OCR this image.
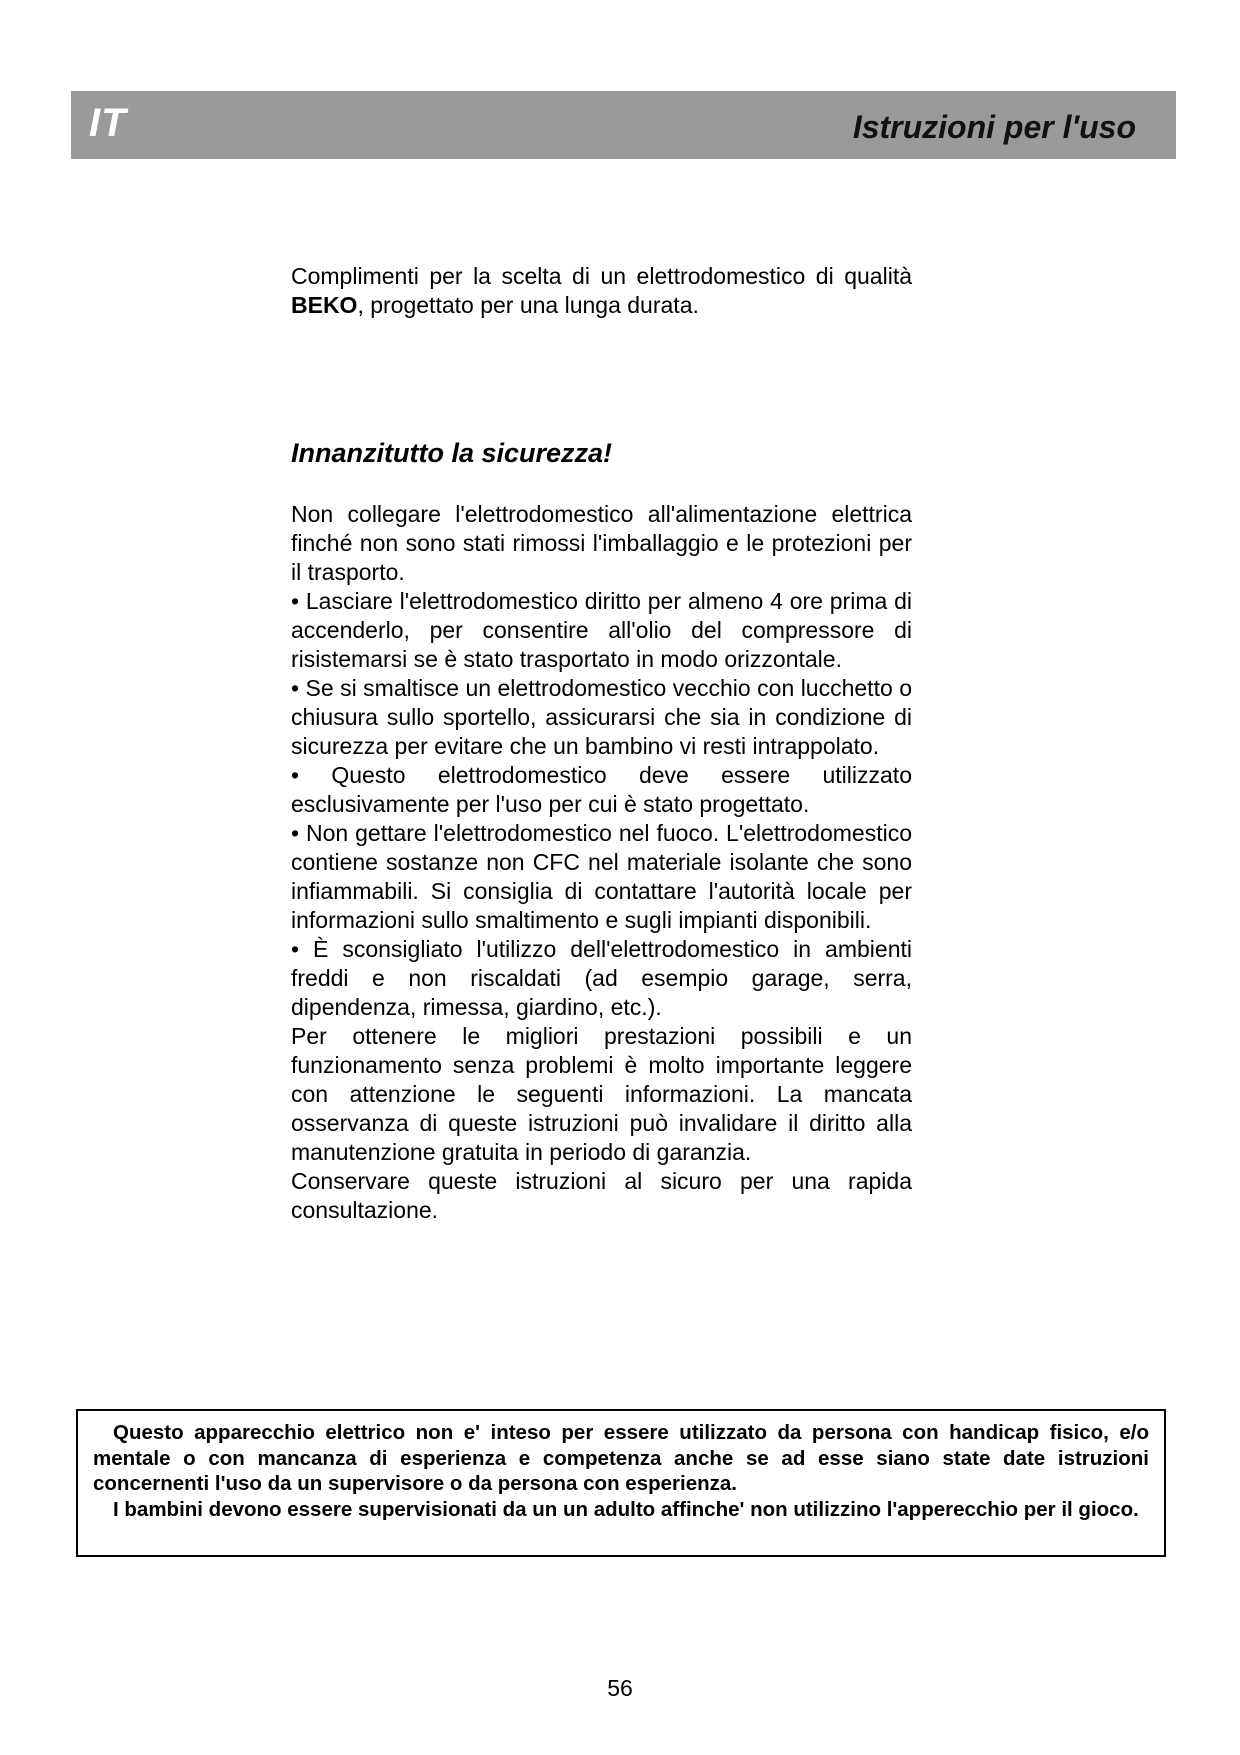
IT	Istruzioni per l'uso
Complimenti per la scelta di un elettrodomestico di qualità BEKO, progettato per una lunga durata.
Innanzitutto la sicurezza!

Non collegare l'elettrodomestico all'alimentazione elettrica finché non sono stati rimossi l'imballaggio e le protezioni per il trasporto.

• Lasciare l'elettrodomestico diritto per almeno 4 ore prima di accenderlo, per consentire all'olio del compressore di risistemarsi se è stato trasportato in modo orizzontale.

• Se si smaltisce un elettrodomestico vecchio con lucchetto o chiusura sullo sportello, assicurarsi che sia in condizione di sicurezza per evitare che un bambino vi resti intrappolato.

• Questo elettrodomestico deve essere utilizzato esclusivamente per l'uso per cui è stato progettato.

• Non gettare l'elettrodomestico nel fuoco. L'elettrodomestico contiene sostanze non CFC nel materiale isolante che sono infiammabili. Si consiglia di contattare l'autorità locale per informazioni sullo smaltimento e sugli impianti disponibili.

• È sconsigliato l'utilizzo dell'elettrodomestico in ambienti freddi e non riscaldati (ad esempio garage, serra, dipendenza, rimessa, giardino, etc.).

Per ottenere le migliori prestazioni possibili e un funzionamento senza problemi è molto importante leggere con attenzione le seguenti informazioni. La mancata osservanza di queste istruzioni può invalidare il diritto alla manutenzione gratuita in periodo di garanzia.

Conservare queste istruzioni al sicuro per una rapida consultazione.

Questo apparecchio elettrico non e' inteso per essere utilizzato da persona con handicap fisico, e/o mentale o con mancanza di esperienza e competenza anche se ad esse siano state date istruzioni concernenti l'uso da un supervisore o da persona con esperienza.

I bambini devono essere supervisionati da un un adulto affinche' non utilizzino l'apperecchio per il gioco.

56
